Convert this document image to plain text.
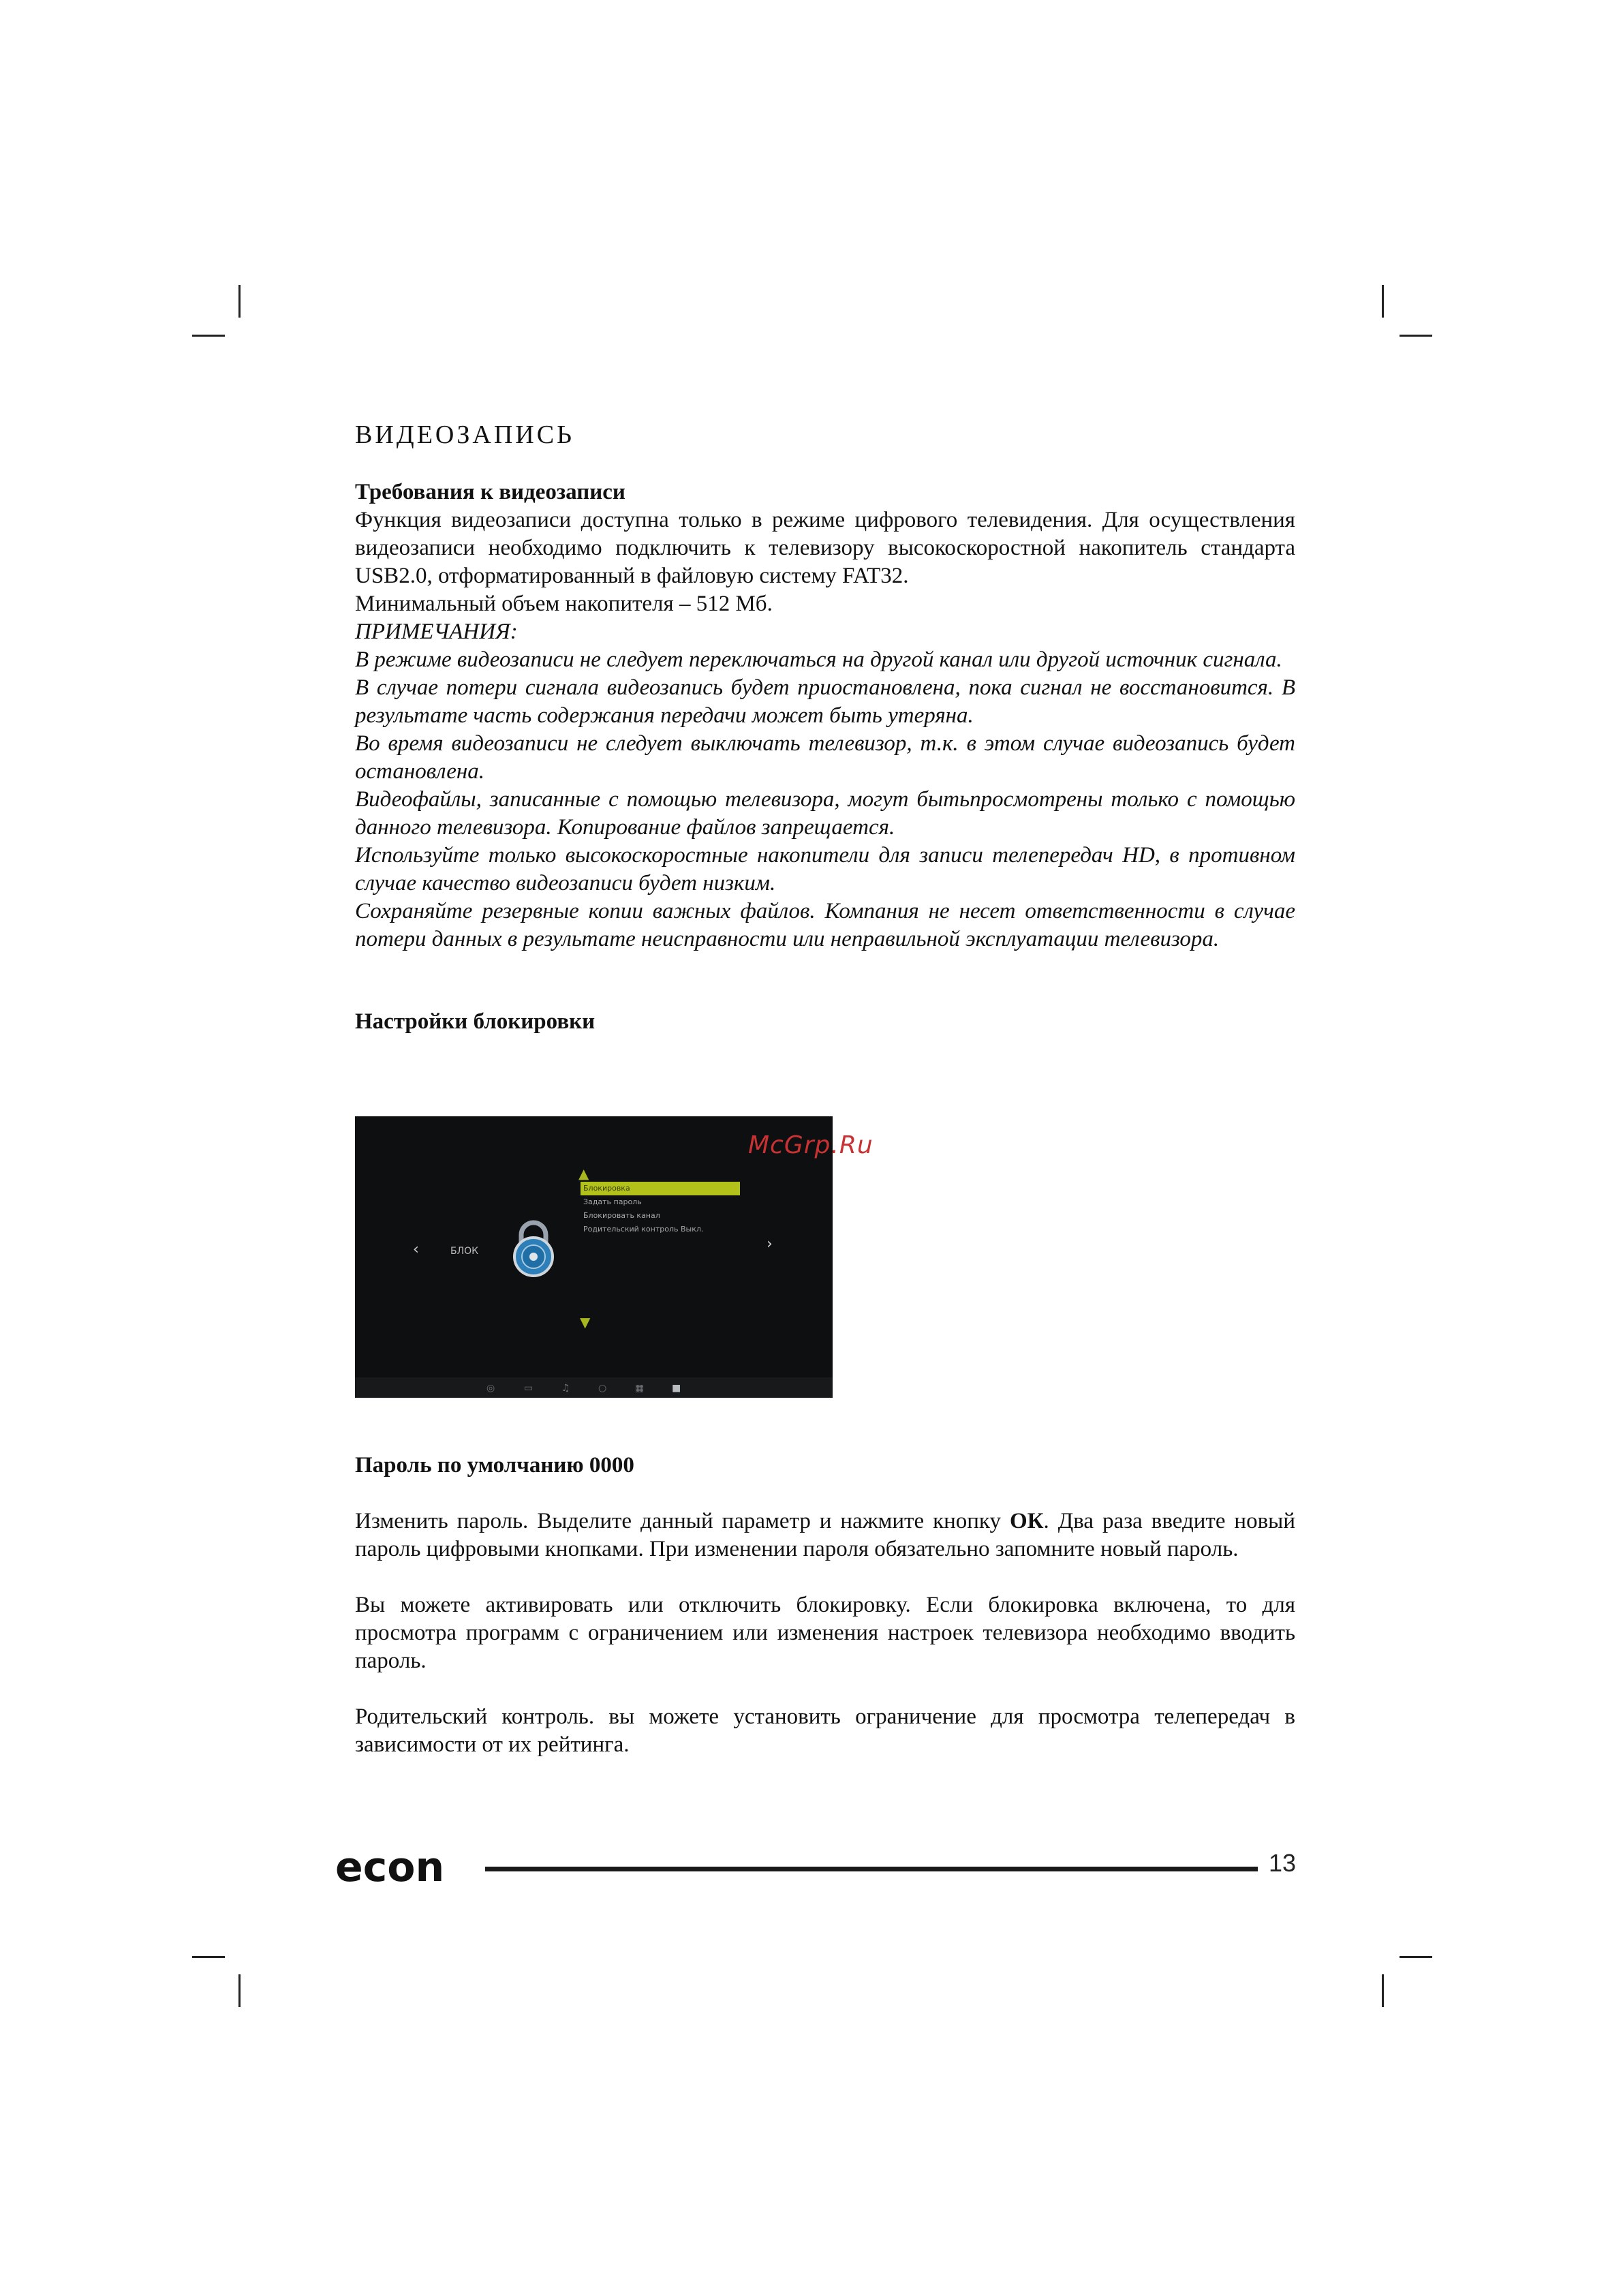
ВИДЕОЗАПИСЬ
Требования к видеозаписи

Функция видеозаписи доступна только в режиме цифрового телевидения. Для осуществления видеозаписи необходимо подключить к телевизору высокоскоростной накопитель стандарта USB2.0, отформатированный в файловую систему FAT32.

Минимальный объем накопителя – 512 Мб.

ПРИМЕЧАНИЯ:

В режиме видеозаписи не следует переключаться на другой канал или другой источник сигнала.

В случае потери сигнала видеозапись будет приостановлена, пока сигнал не восстановится. В результате часть содержания передачи может быть утеряна.

Во время видеозаписи не следует выключать телевизор, т.к. в этом случае видеозапись будет остановлена.

Видеофайлы, записанные с помощью телевизора, могут бытьпросмотрены только с помощью данного телевизора. Копирование файлов запрещается.

Используйте только высокоскоростные накопители для записи телепередач HD, в противном случае качество видеозаписи будет низким.

Сохраняйте резервные копии важных файлов. Компания не несет ответственности в случае потери данных в результате неисправности или неправильной эксплуатации телевизора.

Настройки блокировки
‹	БЛОК
▲
Блокировка
Задать пароль
Блокировать канал
Родительский контроль Выкл.
▼
›
◎	▭	♫	○	▦	■
McGrp.Ru
Пароль по умолчанию 0000

Изменить пароль. Выделите данный параметр и нажмите кнопку ОК. Два раза введите новый пароль цифровыми кнопками. При изменении пароля обязательно запомните новый пароль.

Вы можете активировать или отключить блокировку. Если блокировка включена, то для просмотра программ с ограничением или изменения настроек телевизора необходимо вводить пароль.

Родительский контроль. вы можете установить ограничение для просмотра телепередач в зависимости от их рейтинга.

econ	13
